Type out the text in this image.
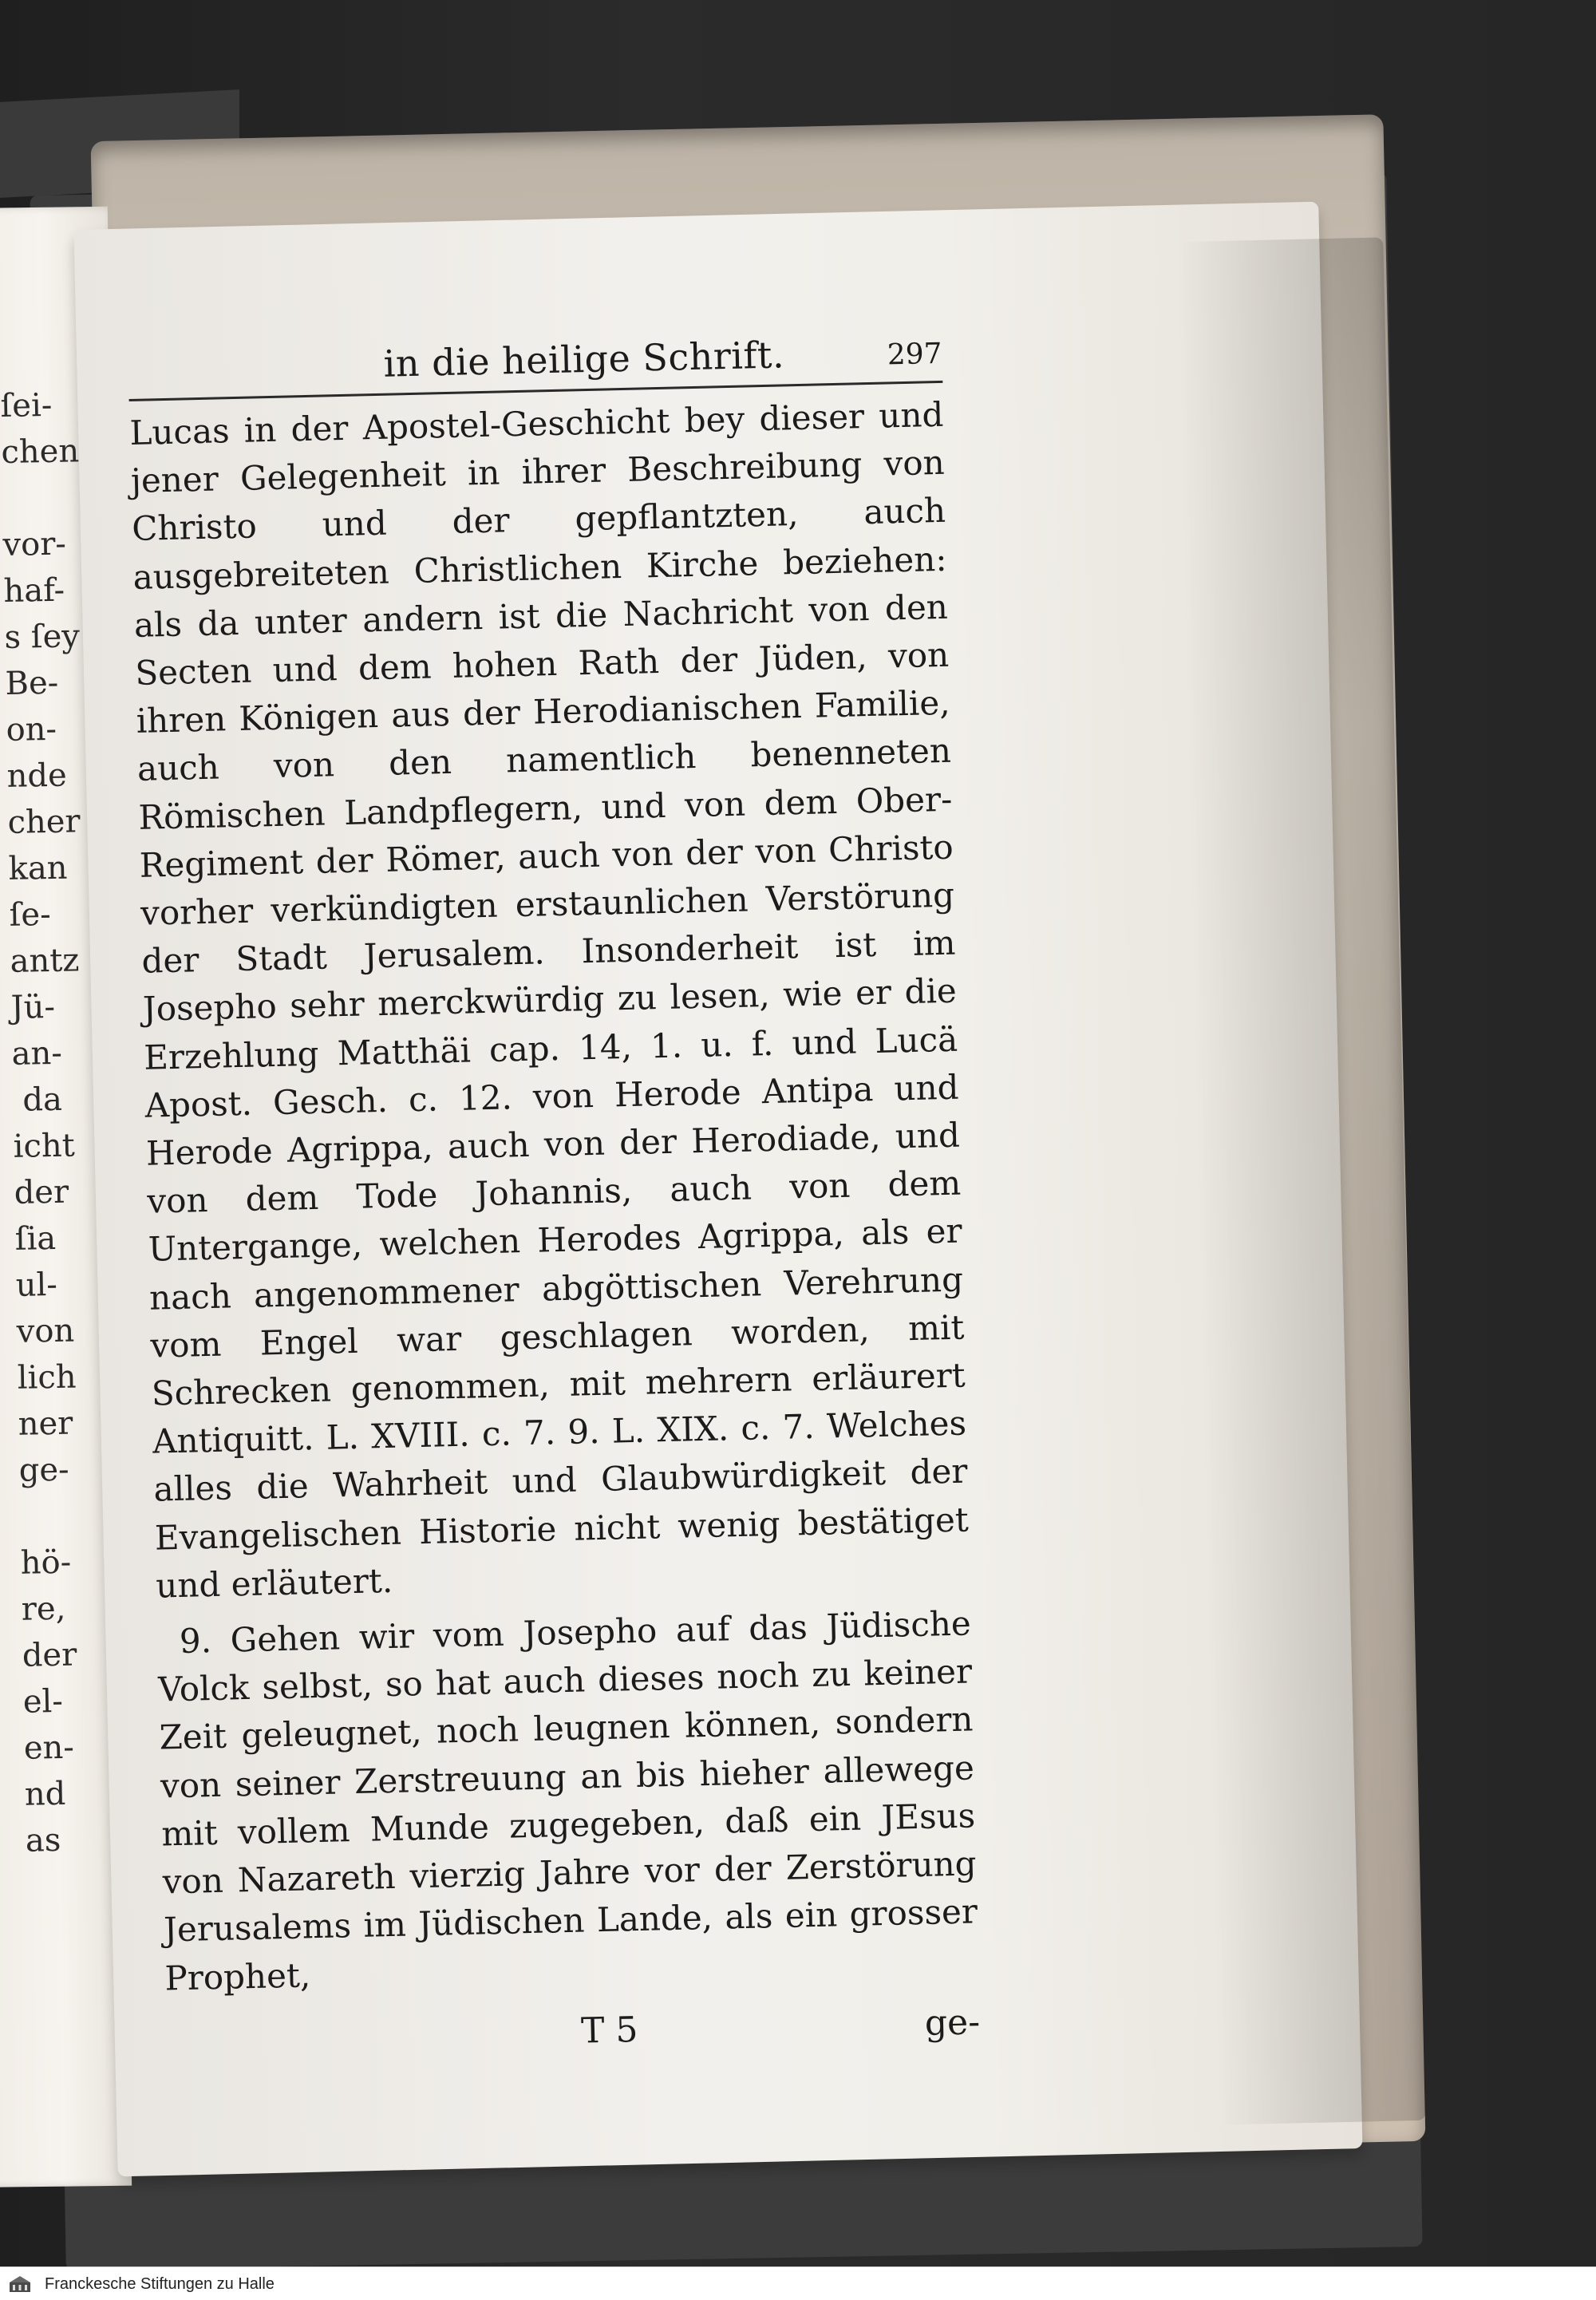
ſei-
chen

vor-
haf-
s ſey
Be-
on-
nde
cher
kan
ſe-
antz
Jü-
an-
da
icht
der
ſia
ul-
von
lich
ner
ge-

hö-
re,
der
el-
en-
nd
as
in die heilige Schrift.	297

Lucas in der Apostel-Geschicht bey dieser und jener Gelegenheit in ihrer Beschreibung von Christo und der gepflantzten, auch ausgebreiteten Christlichen Kirche beziehen: als da unter andern ist die Nachricht von den Secten und dem hohen Rath der Jüden, von ihren Königen aus der Herodianischen Familie, auch von den namentlich benenneten Römischen Landpflegern, und von dem Ober-Regiment der Römer, auch von der von Christo vorher verkündigten erstaunlichen Verstörung der Stadt Jerusalem. Insonderheit ist im Josepho sehr merckwürdig zu lesen, wie er die Erzehlung Matthäi cap. 14, 1. u. f. und Lucä Apost. Gesch. c. 12. von Herode Antipa und Herode Agrippa, auch von der Herodiade, und von dem Tode Johannis, auch von dem Untergange, welchen Herodes Agrippa, als er nach angenommener abgöttischen Verehrung vom Engel war geschlagen worden, mit Schrecken genommen, mit mehrern erläurert Antiquitt. L. XVIII. c. 7. 9. L. XIX. c. 7. Welches alles die Wahrheit und Glaubwürdigkeit der Evangelischen Historie nicht wenig bestätiget und erläutert.

9. Gehen wir vom Josepho auf das Jüdische Volck selbst, so hat auch dieses noch zu keiner Zeit geleugnet, noch leugnen können, sondern von seiner Zerstreuung an bis hieher allewege mit vollem Munde zugegeben, daß ein JEsus von Nazareth vierzig Jahre vor der Zerstörung Jerusalems im Jüdischen Lande, als ein grosser Prophet,

T 5	ge-
Franckesche Stiftungen zu Halle
